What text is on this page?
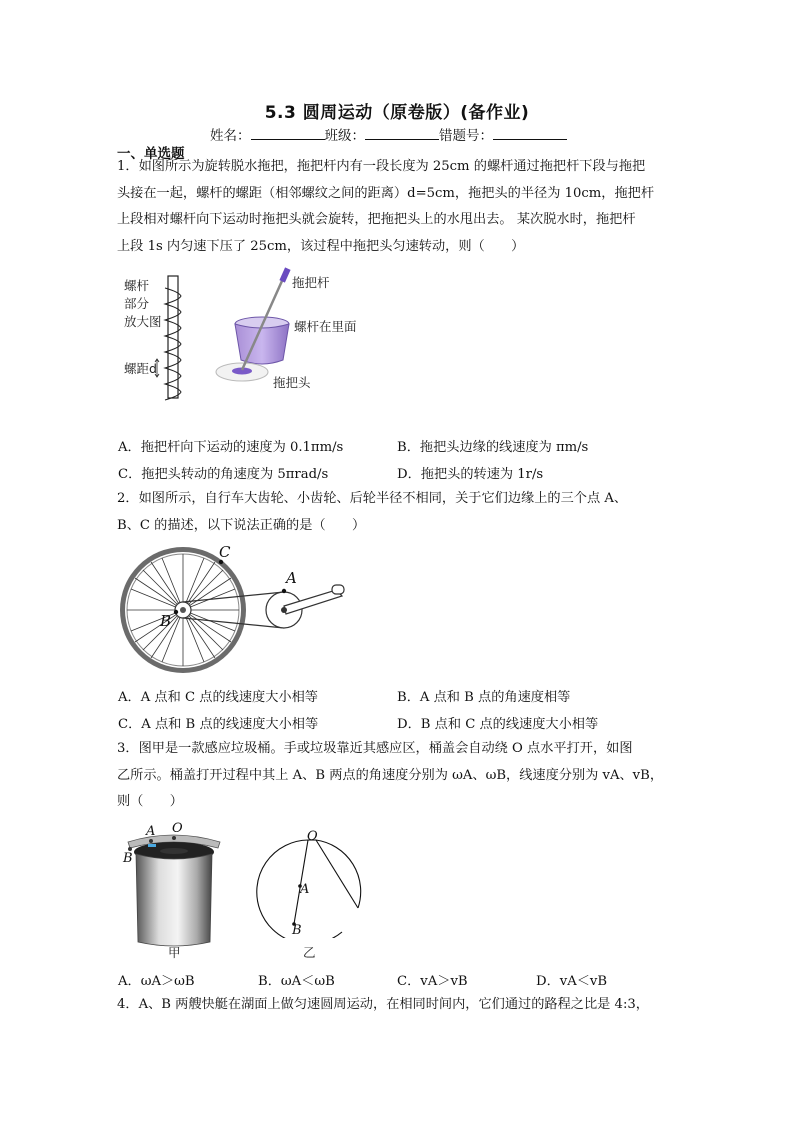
5.3 圆周运动（原卷版）(备作业)
姓名：	班级：	错题号：
一、单选题
1．如图所示为旋转脱水拖把，拖把杆内有一段长度为 25cm 的螺杆通过拖把杆下段与拖把
头接在一起，螺杆的螺距（相邻螺纹之间的距离）d=5cm，拖把头的半径为 10cm，拖把杆
上段相对螺杆向下运动时拖把头就会旋转，把拖把头上的水甩出去。 某次脱水时，拖把杆
上段 1s 内匀速下压了 25cm，该过程中拖把头匀速转动，则（　　）
螺杆
部分
放大图
螺距d
拖把杆
螺杆在里面
拖把头
A．拖把杆向下运动的速度为 0.1πm/s	B．拖把头边缘的线速度为 πm/s
C．拖把头转动的角速度为 5πrad/s	D．拖把头的转速为 1r/s
2．如图所示，自行车大齿轮、小齿轮、后轮半径不相同，关于它们边缘上的三个点 A、
B、C 的描述，以下说法正确的是（　　）
C
A
B
A．A 点和 C 点的线速度大小相等	B．A 点和 B 点的角速度相等
C．A 点和 B 点的线速度大小相等	D．B 点和 C 点的线速度大小相等
3．图甲是一款感应垃圾桶。手或垃圾靠近其感应区，桶盖会自动绕 O 点水平打开，如图
乙所示。桶盖打开过程中其上 A、B 两点的角速度分别为 ωA、ωB，线速度分别为 vA、vB，
则（　　）
A O
B
甲
O
A
B
乙
A．ωA＞ωB	B．ωA＜ωB	C．vA＞vB	D．vA＜vB
4．A、B 两艘快艇在湖面上做匀速圆周运动，在相同时间内，它们通过的路程之比是 4:3，
